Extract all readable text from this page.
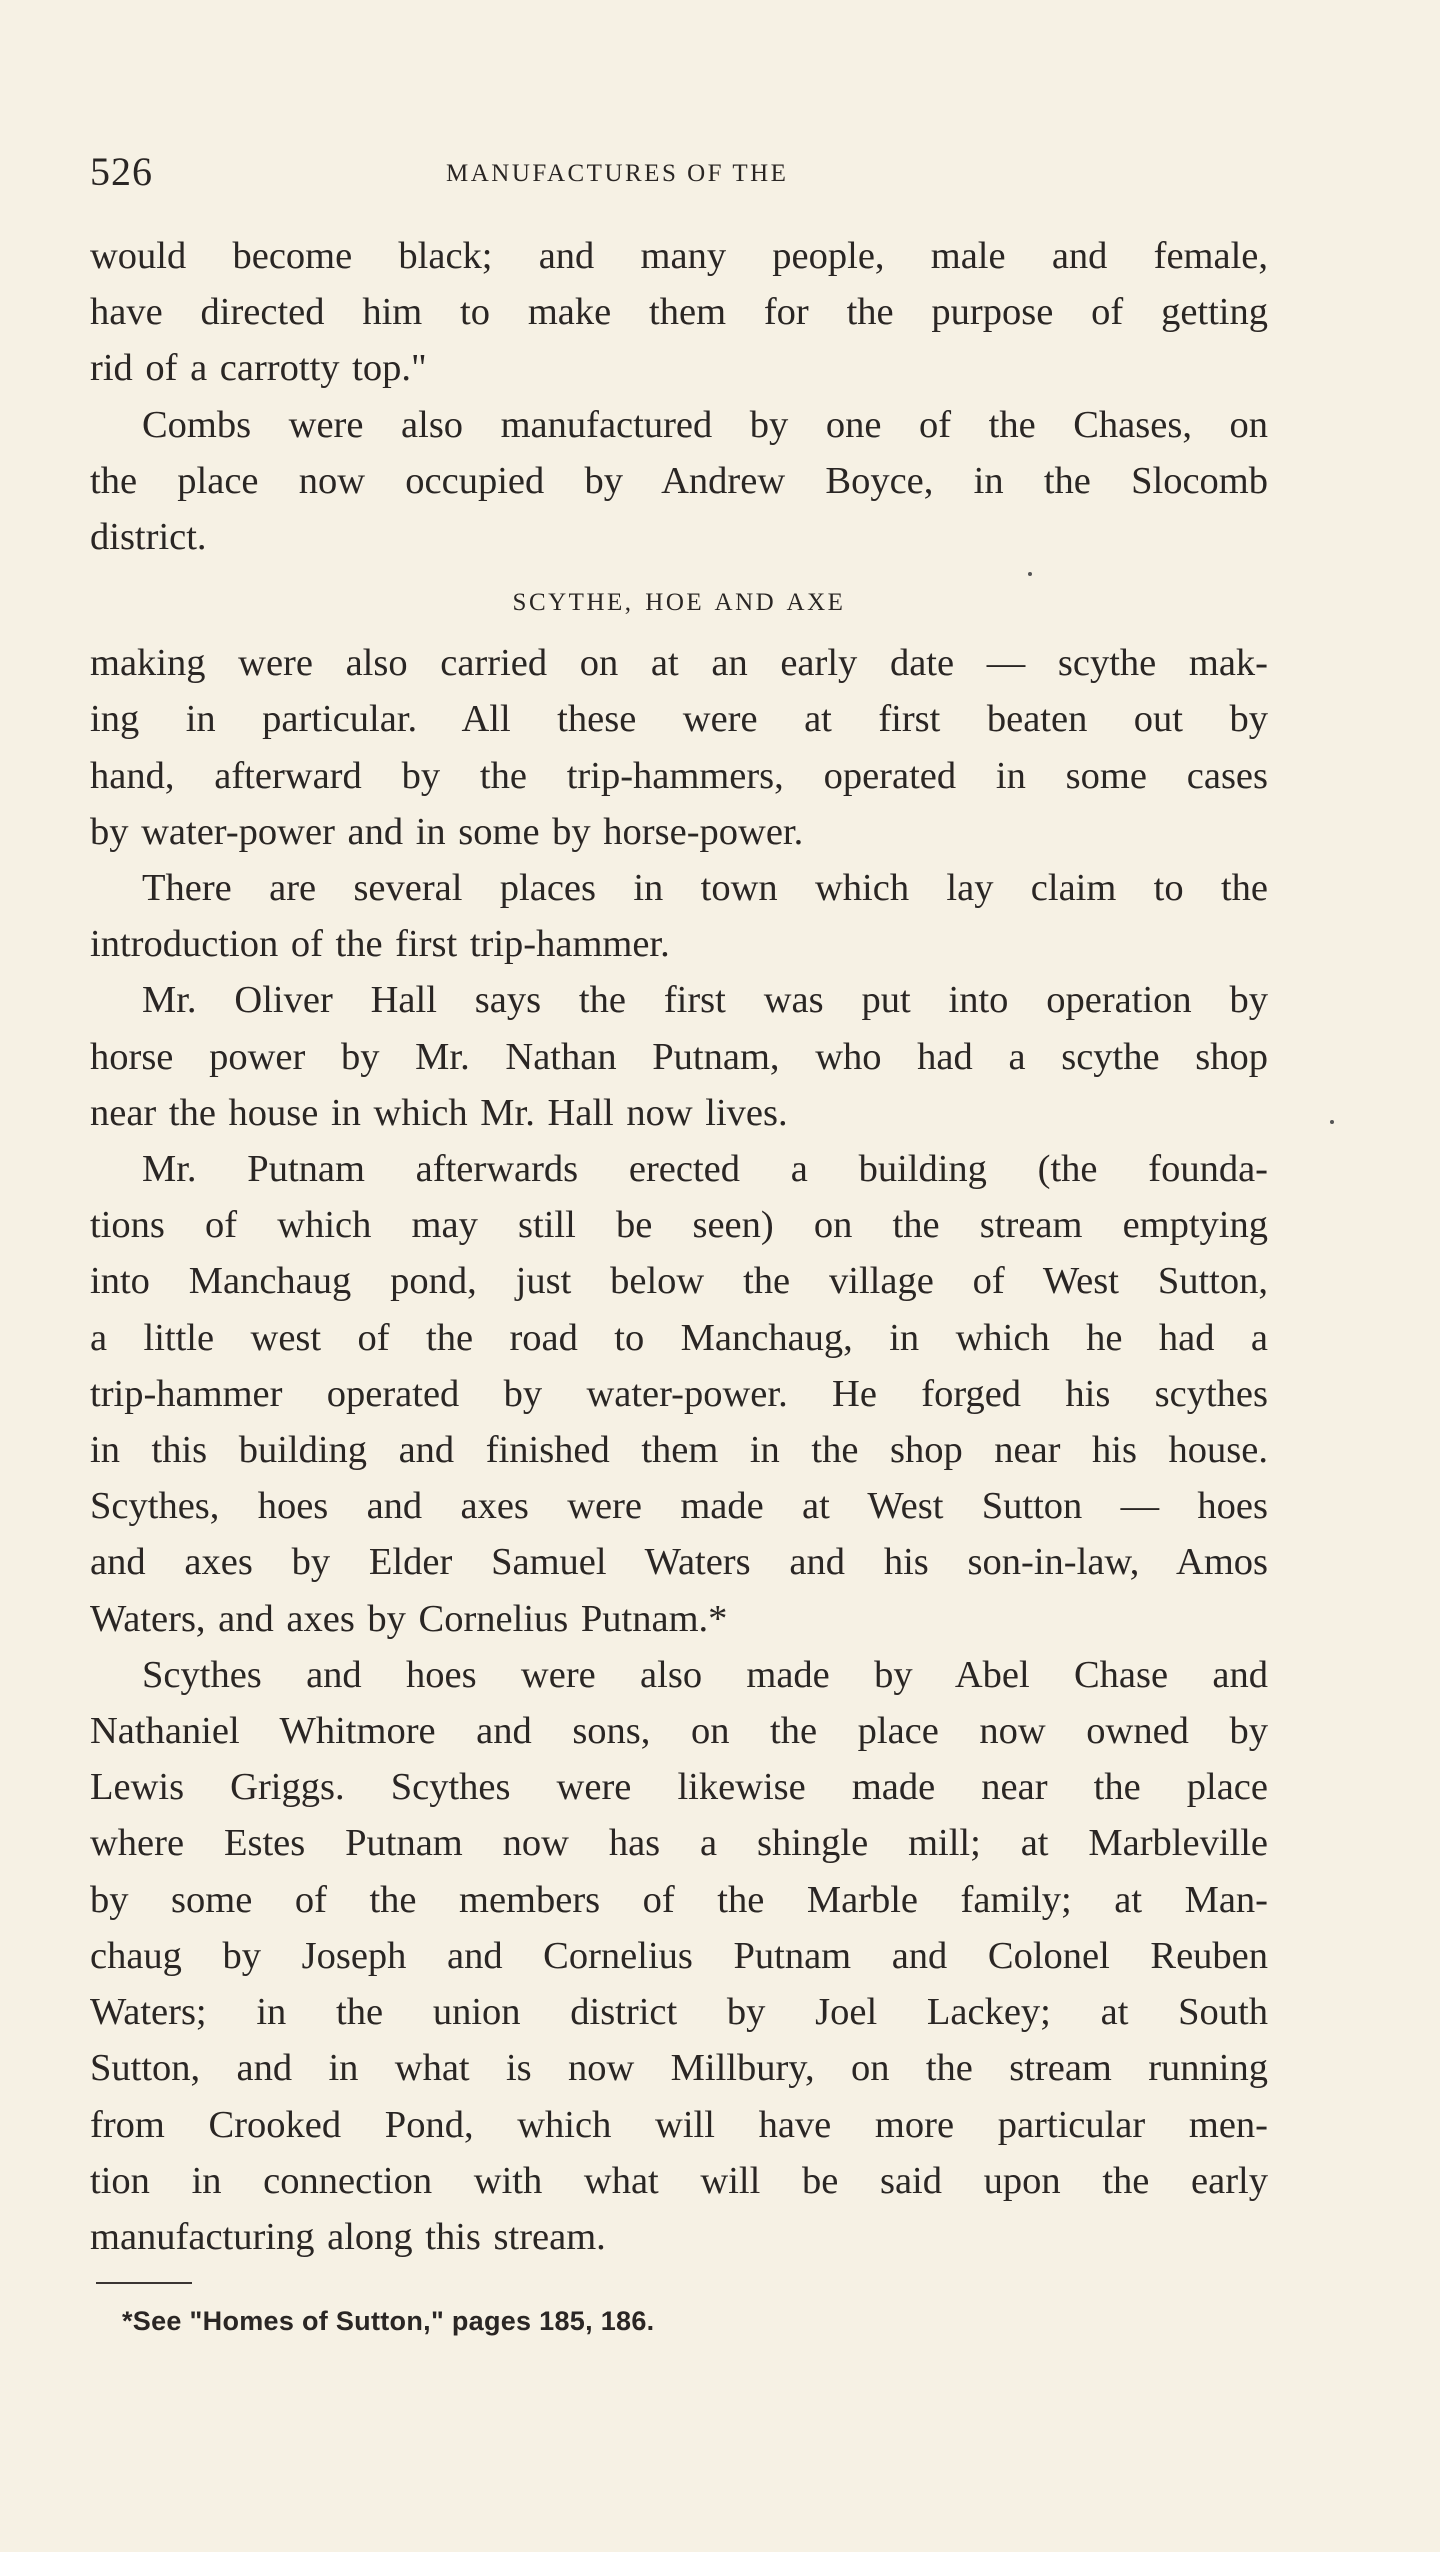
526	MANUFACTURES OF THE

would become black; and many people, male and female,

have directed him to make them for the purpose of getting

rid of a carrotty top."

Combs were also manufactured by one of the Chases, on

the place now occupied by Andrew Boyce, in the Slocomb

district.

SCYTHE, HOE AND AXE

making were also carried on at an early date — scythe mak-

ing in particular. All these were at first beaten out by

hand, afterward by the trip-hammers, operated in some cases

by water-power and in some by horse-power.

There are several places in town which lay claim to the

introduction of the first trip-hammer.

Mr. Oliver Hall says the first was put into operation by

horse power by Mr. Nathan Putnam, who had a scythe shop

near the house in which Mr. Hall now lives.

Mr. Putnam afterwards erected a building (the founda-

tions of which may still be seen) on the stream emptying

into Manchaug pond, just below the village of West Sutton,

a little west of the road to Manchaug, in which he had a

trip-hammer operated by water-power. He forged his scythes

in this building and finished them in the shop near his house.

Scythes, hoes and axes were made at West Sutton — hoes

and axes by Elder Samuel Waters and his son-in-law, Amos

Waters, and axes by Cornelius Putnam.*

Scythes and hoes were also made by Abel Chase and

Nathaniel Whitmore and sons, on the place now owned by

Lewis Griggs. Scythes were likewise made near the place

where Estes Putnam now has a shingle mill; at Marbleville

by some of the members of the Marble family; at Man-

chaug by Joseph and Cornelius Putnam and Colonel Reuben

Waters; in the union district by Joel Lackey; at South

Sutton, and in what is now Millbury, on the stream running

from Crooked Pond, which will have more particular men-

tion in connection with what will be said upon the early

manufacturing along this stream.

*See "Homes of Sutton," pages 185, 186.
